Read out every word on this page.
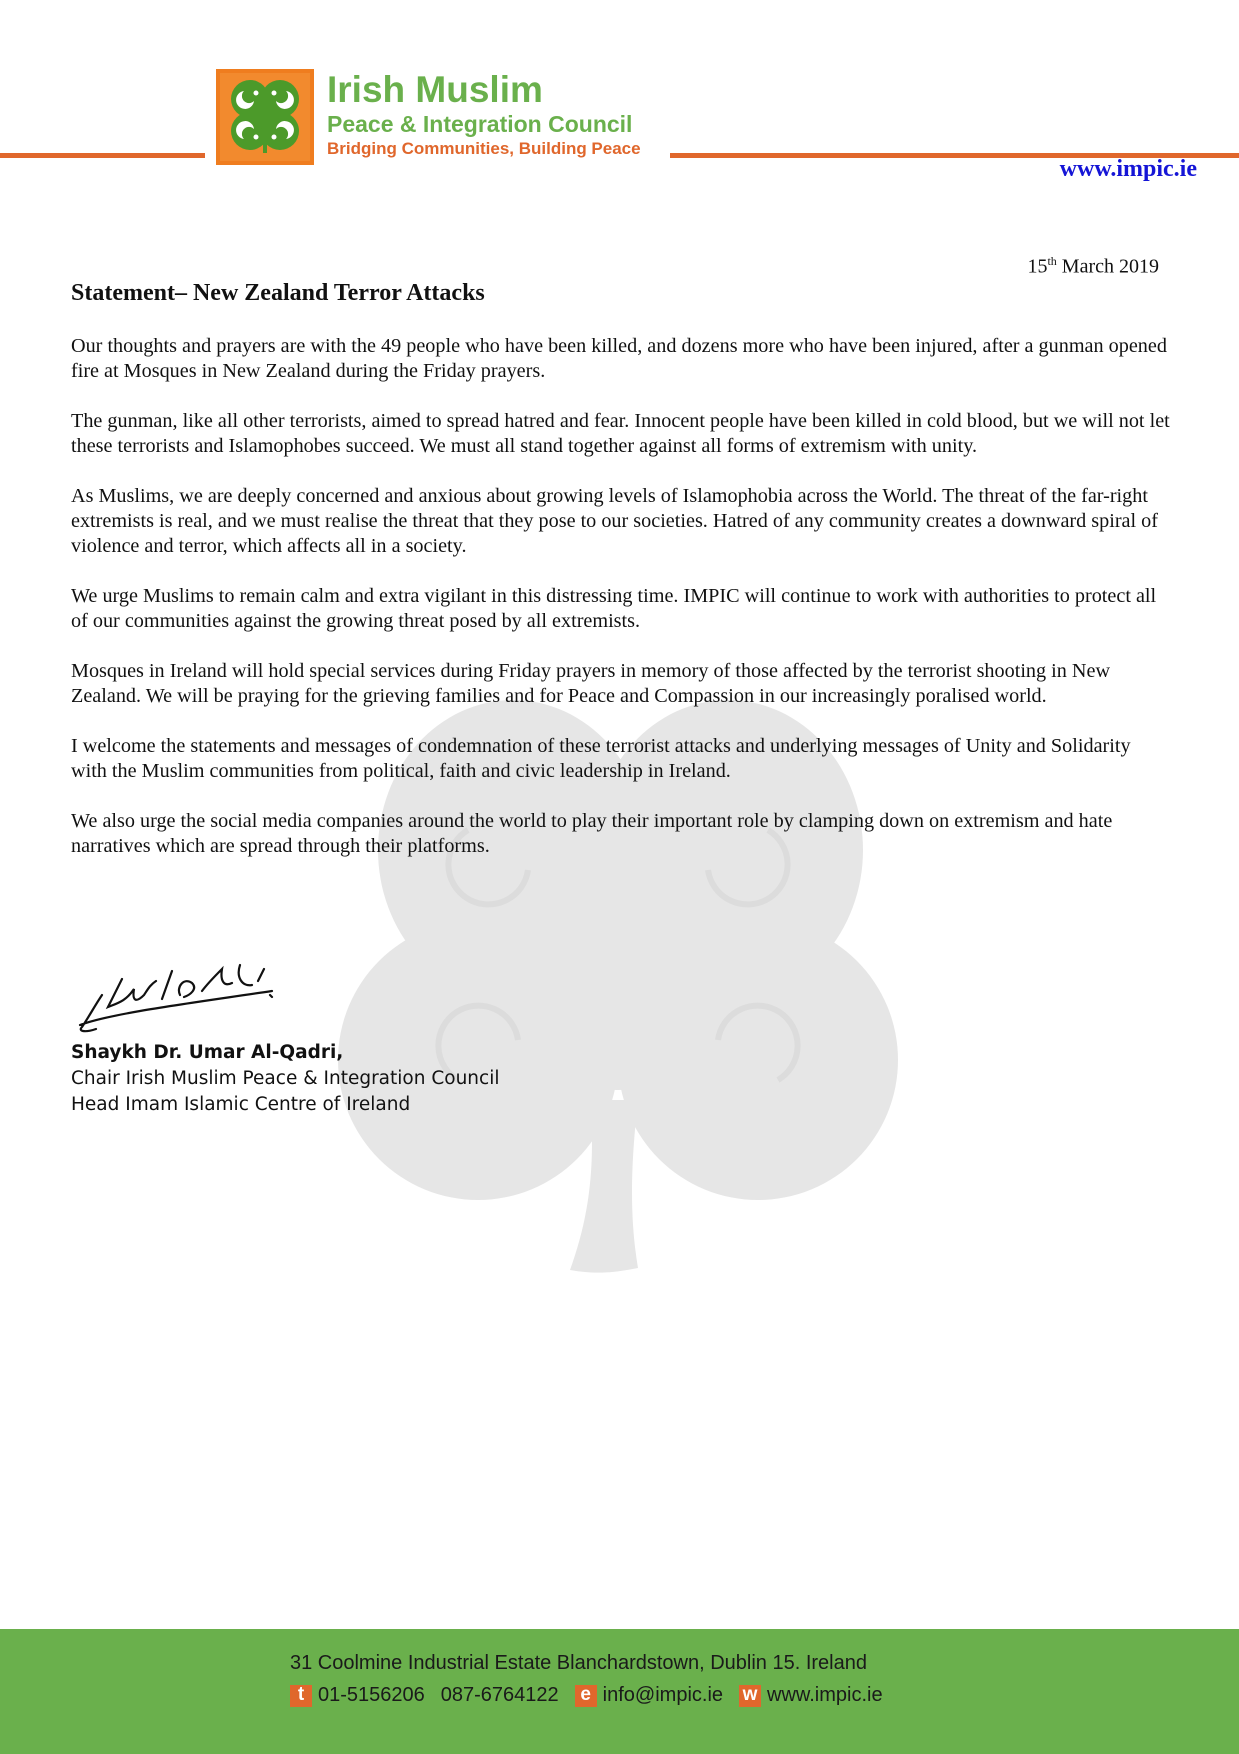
Irish Muslim
Peace & Integration Council
Bridging Communities, Building Peace
www.impic.ie
15th March 2019
Statement– New Zealand Terror Attacks

Our thoughts and prayers are with the 49 people who have been killed, and dozens more who have been injured, after a gunman opened fire at Mosques in New Zealand during the Friday prayers.

The gunman, like all other terrorists, aimed to spread hatred and fear. Innocent people have been killed in cold blood, but we will not let these terrorists and Islamophobes succeed. We must all stand together against all forms of extremism with unity.

As Muslims, we are deeply concerned and anxious about growing levels of Islamophobia across the World. The threat of the far-right extremists is real, and we must realise the threat that they pose to our societies. Hatred of any community creates a downward spiral of violence and terror, which affects all in a society.

We urge Muslims to remain calm and extra vigilant in this distressing time. IMPIC will continue to work with authorities to protect all of our communities against the growing threat posed by all extremists.

Mosques in Ireland will hold special services during Friday prayers in memory of those affected by the terrorist shooting in New Zealand. We will be praying for the grieving families and for Peace and Compassion in our increasingly poralised world.

I welcome the statements and messages of condemnation of these terrorist attacks and underlying messages of Unity and Solidarity with the Muslim communities from political, faith and civic leadership in Ireland.

We also urge the social media companies around the world to play their important role by clamping down on extremism and hate narratives which are spread through their platforms.

Shaykh Dr. Umar Al-Qadri,
Chair Irish Muslim Peace & Integration Council
Head Imam Islamic Centre of Ireland
31 Coolmine Industrial Estate Blanchardstown, Dublin 15. Ireland
t 01-5156206 087-6764122	e info@impic.ie w www.impic.ie
